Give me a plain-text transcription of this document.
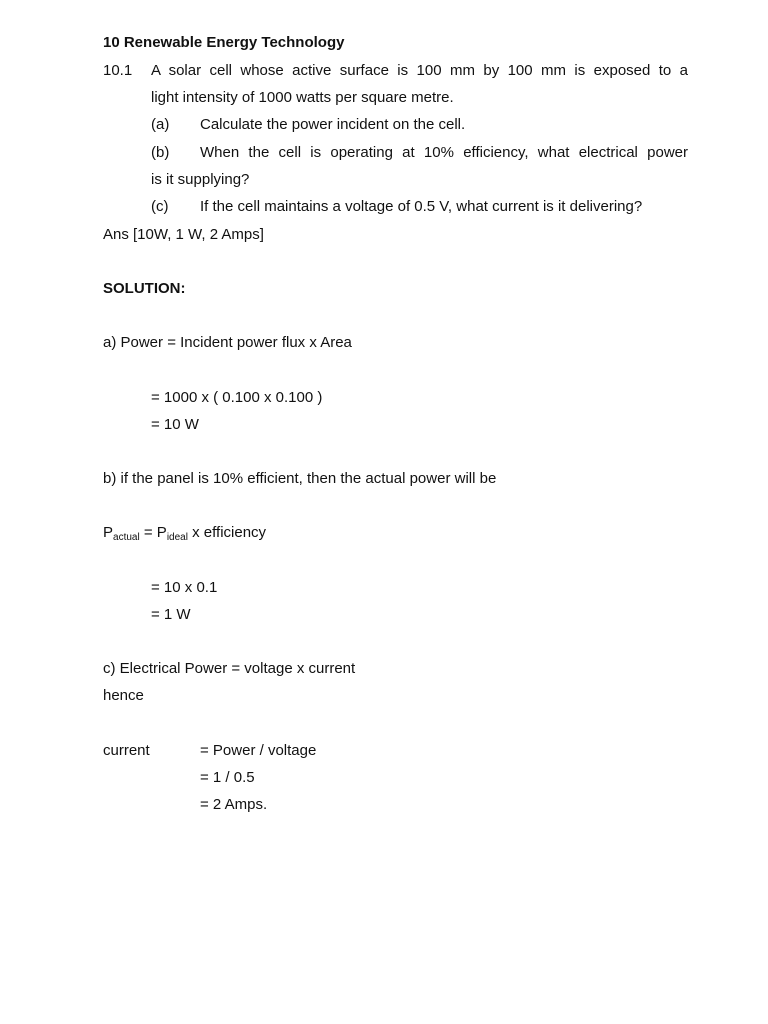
10 Renewable Energy Technology
10.1 A solar cell whose active surface is 100 mm by 100 mm is exposed to a
light intensity of 1000 watts per square metre.
(a) Calculate the power incident on the cell.
(b) When the cell is operating at 10% efficiency, what electrical power
is it supplying?
(c) If the cell maintains a voltage of 0.5 V, what current is it delivering?
Ans [10W, 1 W, 2 Amps]
SOLUTION:
a) Power = Incident power flux x Area
= 1000 x ( 0.100 x 0.100 )
= 10 W
b) if the panel is 10% efficient, then the actual power will be
$P_{actual} = P_{ideal}$ x efficiency
= 10 x 0.1
= 1 W
c) Electrical Power = voltage x current
hence
current	= Power / voltage
= 1 / 0.5
= 2 Amps.
